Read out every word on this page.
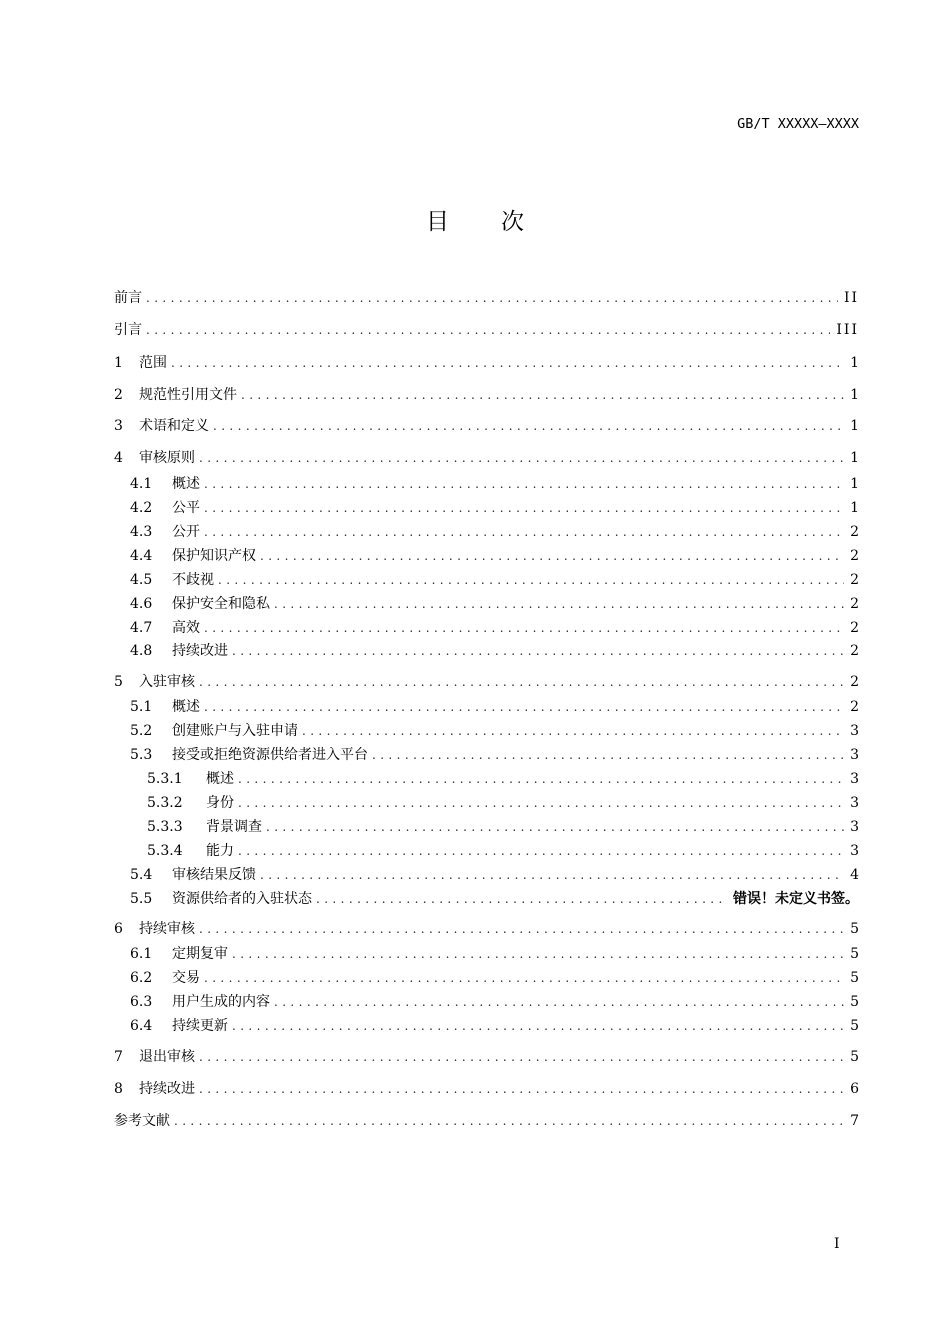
GB/T XXXXX—XXXX
目次
前言 .....	II
引言 .....	III
1	范围 .....	1
2	规范性引用文件 .....	1
3	术语和定义 .....	1
4	审核原则 .....	1
4.1	概述 .....	1
4.2	公平 .....	1
4.3	公开 .....	2
4.4	保护知识产权 .....	2
4.5	不歧视 .....	2
4.6	保护安全和隐私 .....	2
4.7	高效 .....	2
4.8	持续改进 .....	2
5	入驻审核 .....	2
5.1	概述 .....	2
5.2	创建账户与入驻申请 .....	3
5.3	接受或拒绝资源供给者进入平台 .....	3
5.3.1	概述 .....	3
5.3.2	身份 .....	3
5.3.3	背景调查 .....	3
5.3.4	能力 .....	3
5.4	审核结果反馈 .....	4
5.5	资源供给者的入驻状态 .....	错误！未定义书签。
6	持续审核 .....	5
6.1	定期复审 .....	5
6.2	交易 .....	5
6.3	用户生成的内容 .....	5
6.4	持续更新 .....	5
7	退出审核 .....	5
8	持续改进 .....	6
参考文献 .....	7
I
